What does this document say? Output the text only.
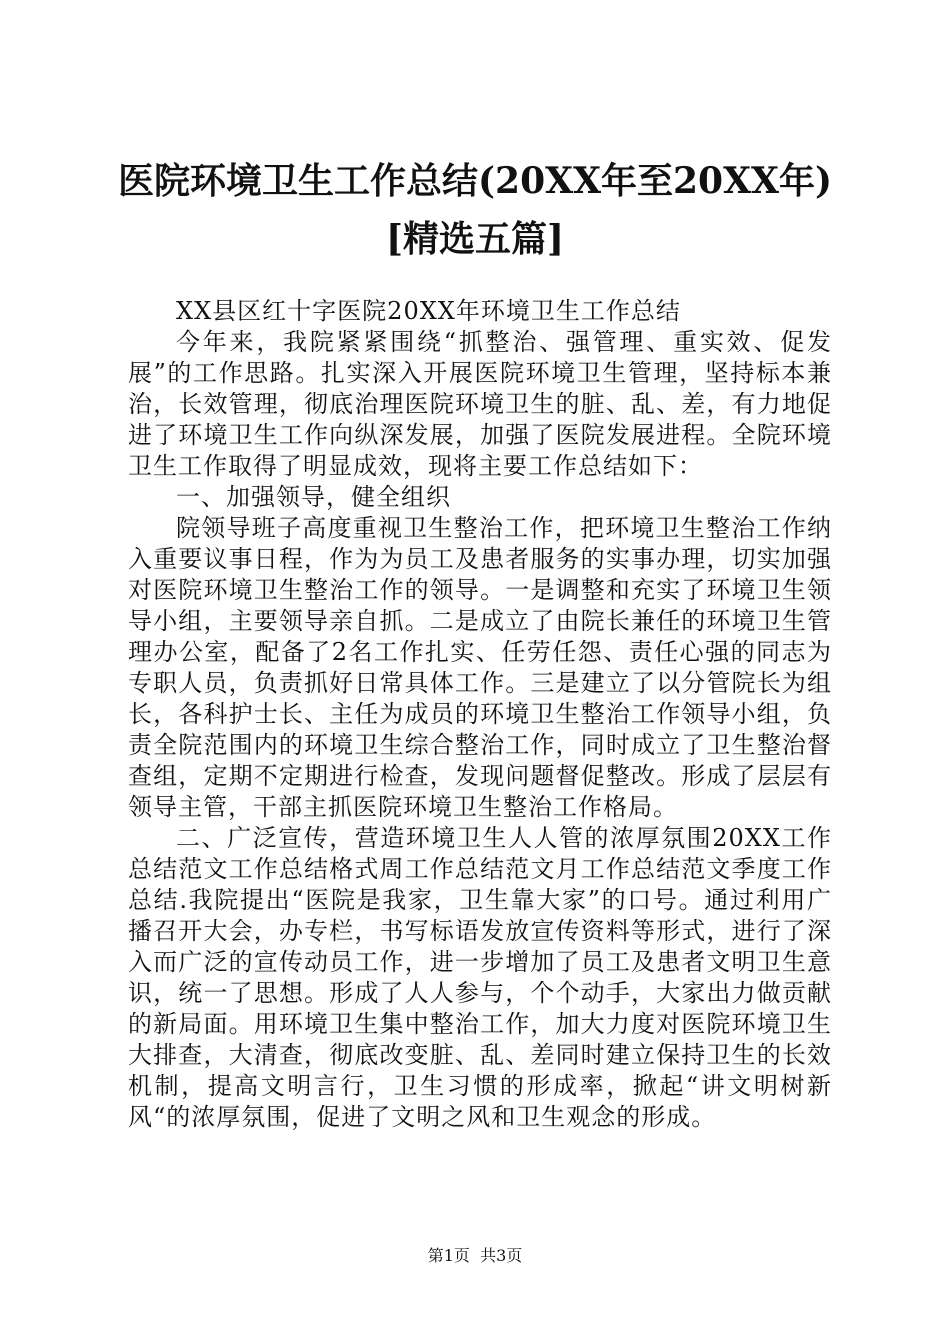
医院环境卫生工作总结(20XX年至20XX年)[精选五篇]

XX县区红十字医院20XX年环境卫生工作总结

今年来，我院紧紧围绕“抓整治、强管理、重实效、促发展”的工作思路。扎实深入开展医院环境卫生管理，坚持标本兼治，长效管理，彻底治理医院环境卫生的脏、乱、差，有力地促进了环境卫生工作向纵深发展，加强了医院发展进程。全院环境卫生工作取得了明显成效，现将主要工作总结如下：

一、加强领导，健全组织

院领导班子高度重视卫生整治工作，把环境卫生整治工作纳入重要议事日程，作为为员工及患者服务的实事办理，切实加强对医院环境卫生整治工作的领导。一是调整和充实了环境卫生领导小组，主要领导亲自抓。二是成立了由院长兼任的环境卫生管理办公室，配备了2名工作扎实、任劳任怨、责任心强的同志为专职人员，负责抓好日常具体工作。三是建立了以分管院长为组长，各科护士长、主任为成员的环境卫生整治工作领导小组，负责全院范围内的环境卫生综合整治工作，同时成立了卫生整治督查组，定期不定期进行检查，发现问题督促整改。形成了层层有领导主管，干部主抓医院环境卫生整治工作格局。

二、广泛宣传，营造环境卫生人人管的浓厚氛围20XX工作总结范文工作总结格式周工作总结范文月工作总结范文季度工作总结.我院提出“医院是我家，卫生靠大家”的口号。通过利用广播召开大会，办专栏，书写标语发放宣传资料等形式，进行了深入而广泛的宣传动员工作，进一步增加了员工及患者文明卫生意识，统一了思想。形成了人人参与，个个动手，大家出力做贡献的新局面。用环境卫生集中整治工作，加大力度对医院环境卫生大排查，大清查，彻底改变脏、乱、差同时建立保持卫生的长效机制，提高文明言行，卫生习惯的形成率，掀起“讲文明树新风“的浓厚氛围，促进了文明之风和卫生观念的形成。

第1页 共3页
